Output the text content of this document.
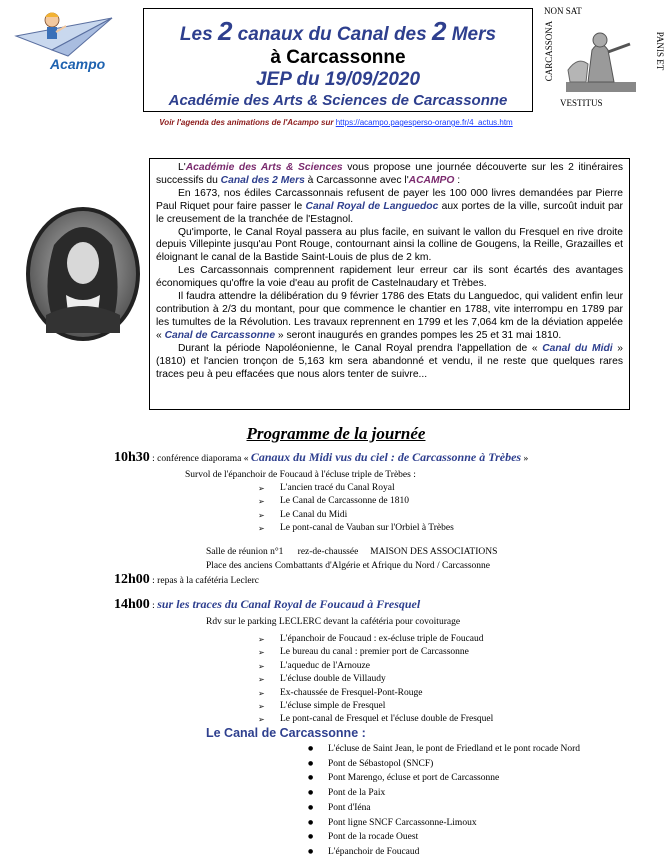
Acampo
Les 2 canaux du Canal des 2 Mers
à Carcassonne
JEP du 19/09/2020
Académie des Arts & Sciences de Carcassonne
NON SAT
CARCASSONA	PANIS ET
VESTITUS
Voir l'agenda des animations de l'Acampo sur https://acampo.pagesperso-orange.fr/4_actus.htm

L'Académie des Arts & Sciences vous propose une journée découverte sur les 2 itinéraires successifs du Canal des 2 Mers à Carcassonne avec l'ACAMPO :

En 1673, nos édiles Carcassonnais refusent de payer les 100 000 livres demandées par Pierre Paul Riquet pour faire passer le Canal Royal de Languedoc aux portes de la ville, surcoût induit par le creusement de la tranchée de l'Estagnol.

Qu'importe, le Canal Royal passera au plus facile, en suivant le vallon du Fresquel en rive droite depuis Villepinte jusqu'au Pont Rouge, contournant ainsi la colline de Gougens, la Reille, Grazailles et éloignant le canal de la Bastide Saint-Louis de plus de 2 km.

Les Carcassonnais comprennent rapidement leur erreur car ils sont écartés des avantages économiques qu'offre la voie d'eau au profit de Castelnaudary et Trèbes.

Il faudra attendre la délibération du 9 février 1786 des Etats du Languedoc, qui valident enfin leur contribution à 2/3 du montant, pour que commence le chantier en 1788, vite interrompu en 1789 par les tumultes de la Révolution. Les travaux reprennent en 1799 et les 7,064 km de la déviation appelée « Canal de Carcassonne » seront inaugurés en grandes pompes les 25 et 31 mai 1810.

Durant la période Napoléonienne, le Canal Royal prendra l'appellation de « Canal du Midi » (1810) et l'ancien tronçon de 5,163 km sera abandonné et vendu, il ne reste que quelques rares traces peu à peu effacées que nous alors tenter de suivre...

Programme de la journée
10h30 : conférence diaporama « Canaux du Midi vus du ciel : de Carcassonne à Trèbes »
Survol de l'épanchoir de Foucaud à l'écluse triple de Trèbes :
➢ L'ancien tracé du Canal Royal
➢ Le Canal de Carcassonne de 1810
➢ Le Canal du Midi
➢ Le pont-canal de Vauban sur l'Orbiel à Trèbes
Salle de réunion n°1      rez-de-chaussée     MAISON DES ASSOCIATIONS
Place des anciens Combattants d'Algérie et Afrique du Nord / Carcassonne
12h00 : repas à la cafétéria Leclerc
14h00 : sur les traces du Canal Royal de Foucaud à Fresquel
Rdv sur le parking LECLERC devant la cafétéria pour covoiturage
➢ L'épanchoir de Foucaud : ex-écluse triple de Foucaud
➢ Le bureau du canal : premier port de Carcassonne
➢ L'aqueduc de l'Arnouze
➢ L'écluse double de Villaudy
➢ Ex-chaussée de Fresquel-Pont-Rouge
➢ L'écluse simple de Fresquel
➢ Le pont-canal de Fresquel et l'écluse double de Fresquel
Le Canal de Carcassonne :
● L'écluse de Saint Jean, le pont de Friedland et le pont rocade Nord
● Pont de Sébastopol (SNCF)
● Pont Marengo, écluse et port de Carcassonne
● Pont de la Paix
● Pont d'Iéna
● Pont ligne SNCF Carcassonne-Limoux
● Pont de la rocade Ouest
● L'épanchoir de Foucaud
